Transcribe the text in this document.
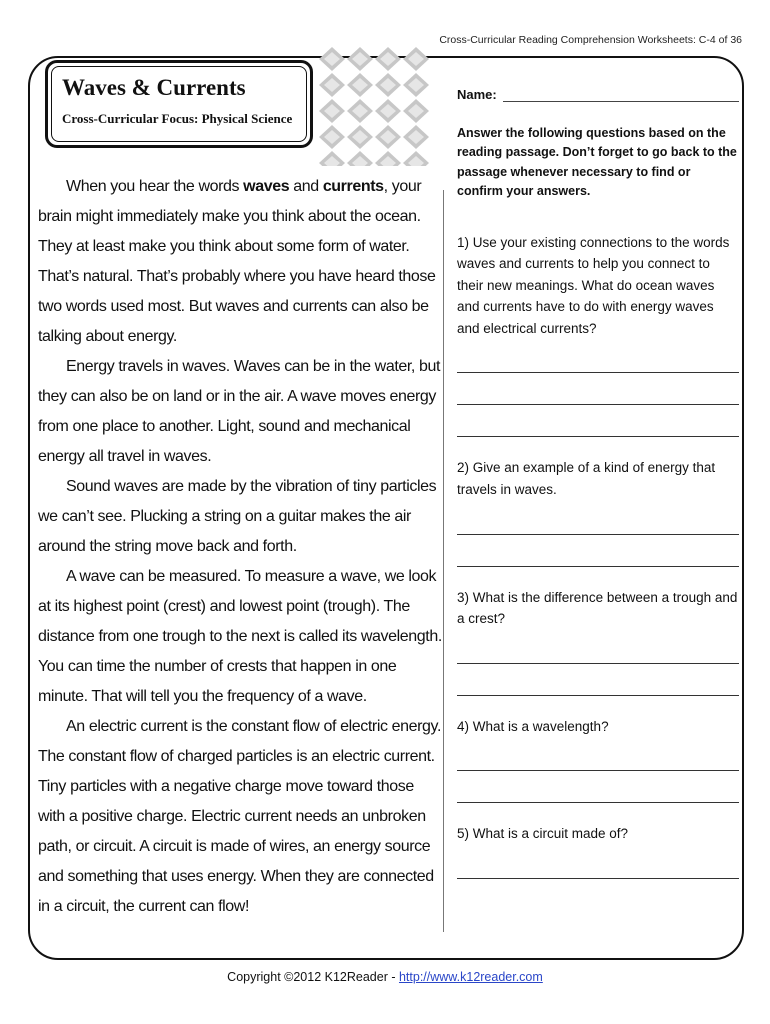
Cross-Curricular Reading Comprehension Worksheets: C-4 of 36
Waves & Currents
Cross-Curricular Focus: Physical Science

When you hear the words waves and currents, your brain might immediately make you think about the ocean. They at least make you think about some form of water. That’s natural. That’s probably where you have heard those two words used most. But waves and currents can also be talking about energy.

Energy travels in waves. Waves can be in the water, but they can also be on land or in the air. A wave moves energy from one place to another. Light, sound and mechanical energy all travel in waves.

Sound waves are made by the vibration of tiny particles we can’t see. Plucking a string on a guitar makes the air around the string move back and forth.

A wave can be measured. To measure a wave, we look at its highest point (crest) and lowest point (trough). The distance from one trough to the next is called its wavelength. You can time the number of crests that happen in one minute. That will tell you the frequency of a wave.

An electric current is the constant flow of electric energy. The constant flow of charged particles is an electric current. Tiny particles with a negative charge move toward those with a positive charge. Electric current needs an unbroken path, or circuit. A circuit is made of wires, an energy source and something that uses energy. When they are connected in a circuit, the current can flow!

Name:

Answer the following questions based on the reading passage. Don’t forget to go back to the passage whenever necessary to find or confirm your answers.

1) Use your existing connections to the words waves and currents to help you connect to their new meanings. What do ocean waves and currents have to do with energy waves and electrical currents?

2) Give an example of a kind of energy that travels in waves.

3) What is the difference between a trough and a crest?

4) What is a wavelength?

5) What is a circuit made of?

Copyright ©2012 K12Reader - http://www.k12reader.com
